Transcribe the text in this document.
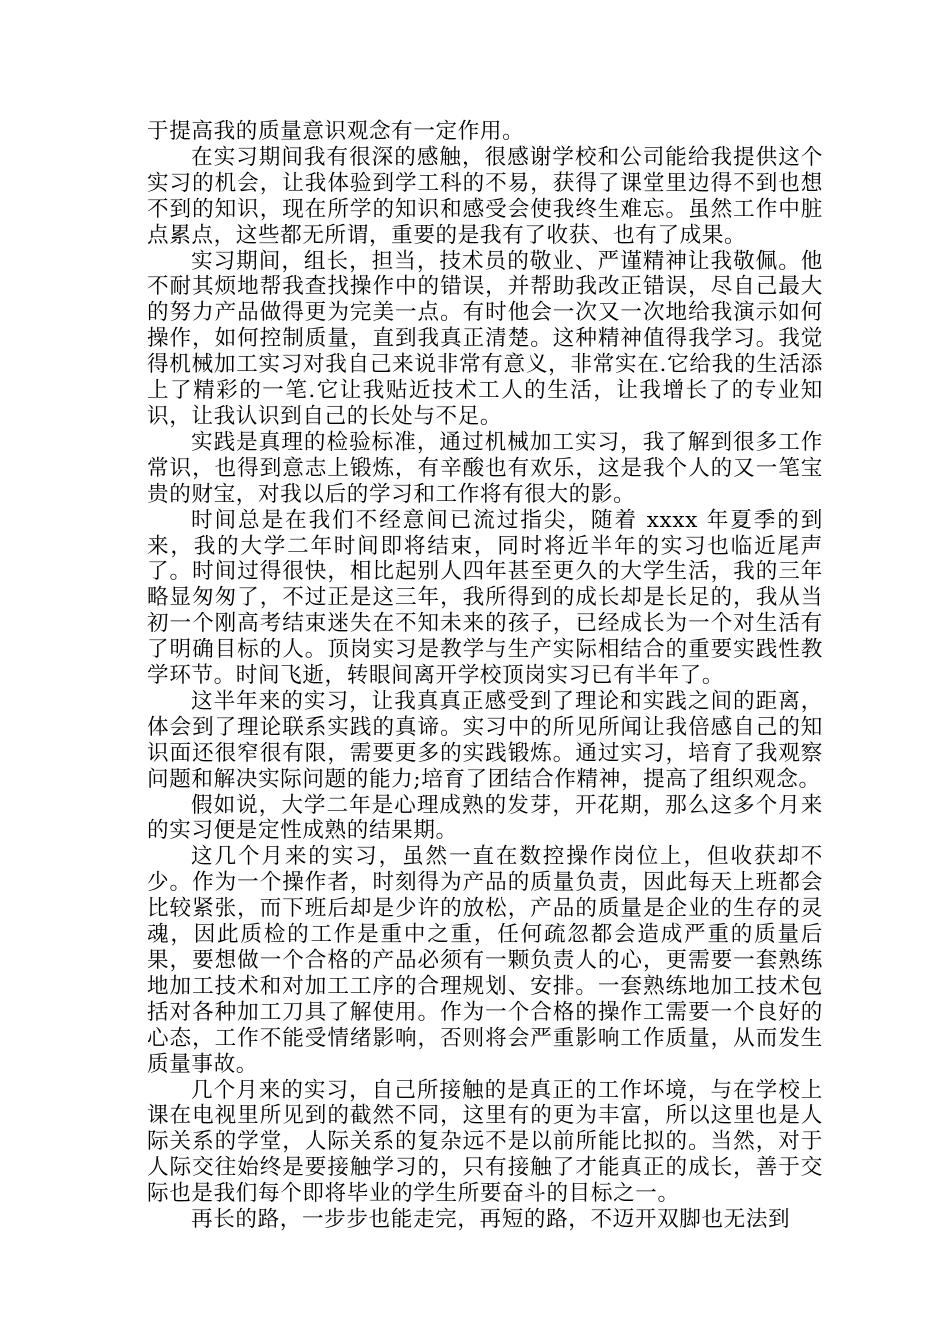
于提高我的质量意识观念有一定作用。

在实习期间我有很深的感触，很感谢学校和公司能给我提供这个实习的机会，让我体验到学工科的不易，获得了课堂里边得不到也想不到的知识，现在所学的知识和感受会使我终生难忘。虽然工作中脏点累点，这些都无所谓，重要的是我有了收获、也有了成果。

实习期间，组长，担当，技术员的敬业、严谨精神让我敬佩。他不耐其烦地帮我查找操作中的错误，并帮助我改正错误，尽自己最大的努力产品做得更为完美一点。有时他会一次又一次地给我演示如何操作，如何控制质量，直到我真正清楚。这种精神值得我学习。我觉得机械加工实习对我自己来说非常有意义，非常实在.它给我的生活添上了精彩的一笔.它让我贴近技术工人的生活，让我增长了的专业知识，让我认识到自己的长处与不足。

实践是真理的检验标准，通过机械加工实习，我了解到很多工作常识，也得到意志上锻炼，有辛酸也有欢乐，这是我个人的又一笔宝贵的财宝，对我以后的学习和工作将有很大的影。

时间总是在我们不经意间已流过指尖，随着 xxxx 年夏季的到来，我的大学二年时间即将结束，同时将近半年的实习也临近尾声了。时间过得很快，相比起别人四年甚至更久的大学生活，我的三年略显匆匆了，不过正是这三年，我所得到的成长却是长足的，我从当初一个刚高考结束迷失在不知未来的孩子，已经成长为一个对生活有了明确目标的人。顶岗实习是教学与生产实际相结合的重要实践性教学环节。时间飞逝，转眼间离开学校顶岗实习已有半年了。

这半年来的实习，让我真真正感受到了理论和实践之间的距离，体会到了理论联系实践的真谛。实习中的所见所闻让我倍感自己的知识面还很窄很有限，需要更多的实践锻炼。通过实习，培育了我观察问题和解决实际问题的能力;培育了团结合作精神，提高了组织观念。

假如说，大学二年是心理成熟的发芽，开花期，那么这多个月来的实习便是定性成熟的结果期。

这几个月来的实习，虽然一直在数控操作岗位上，但收获却不少。作为一个操作者，时刻得为产品的质量负责，因此每天上班都会比较紧张，而下班后却是少许的放松，产品的质量是企业的生存的灵魂，因此质检的工作是重中之重，任何疏忽都会造成严重的质量后果，要想做一个合格的产品必须有一颗负责人的心，更需要一套熟练地加工技术和对加工工序的合理规划、安排。一套熟练地加工技术包括对各种加工刀具了解使用。作为一个合格的操作工需要一个良好的心态，工作不能受情绪影响，否则将会严重影响工作质量，从而发生质量事故。

几个月来的实习，自己所接触的是真正的工作坏境，与在学校上课在电视里所见到的截然不同，这里有的更为丰富，所以这里也是人际关系的学堂，人际关系的复杂远不是以前所能比拟的。当然，对于人际交往始终是要接触学习的，只有接触了才能真正的成长，善于交际也是我们每个即将毕业的学生所要奋斗的目标之一。

再长的路，一步步也能走完，再短的路，不迈开双脚也无法到
